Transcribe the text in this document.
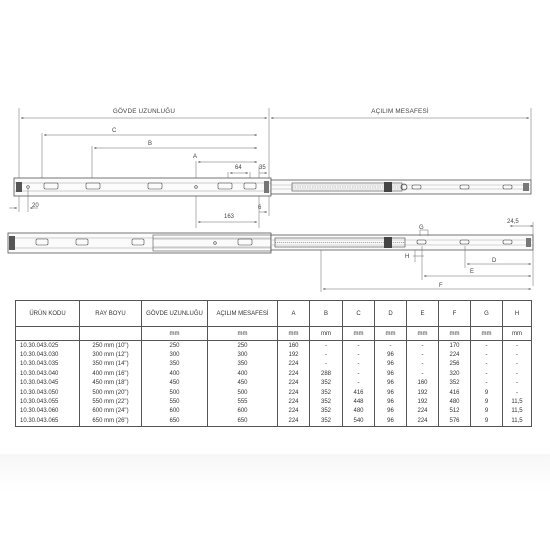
GÖVDE UZUNLUĞU	AÇILIM MESAFESİ
C
B
A
64	35
20
163
6
G
H
24,5
D
E
F
ÜRÜN KODU	RAY BOYU	GÖVDE UZUNLUĞU	AÇILIM MESAFESİ	A	B	C	D	E	F	G	H
		mm	mm	mm	mm	mm	mm	mm	mm	mm	mm
10.30.043.025	250 mm (10")	250	250	160	-	-	-	-	170	-	-
10.30.043.030	300 mm (12")	300	300	192	-	-	96	-	224	-	-
10.30.043.035	350 mm (14")	350	350	224	-	-	96	-	256	-	-
10.30.043.040	400 mm (16")	400	400	224	288	-	96	-	320	-	-
10.30.043.045	450 mm (18")	450	450	224	352	-	96	160	352	-	-
10.30.043.050	500 mm (20")	500	500	224	352	416	96	192	416	9	-
10.30.043.055	550 mm (22")	550	555	224	352	448	96	192	480	9	11,5
10.30.043.060	600 mm (24")	600	600	224	352	480	96	224	512	9	11,5
10.30.043.065	650 mm (26")	650	650	224	352	540	96	224	576	9	11,5
